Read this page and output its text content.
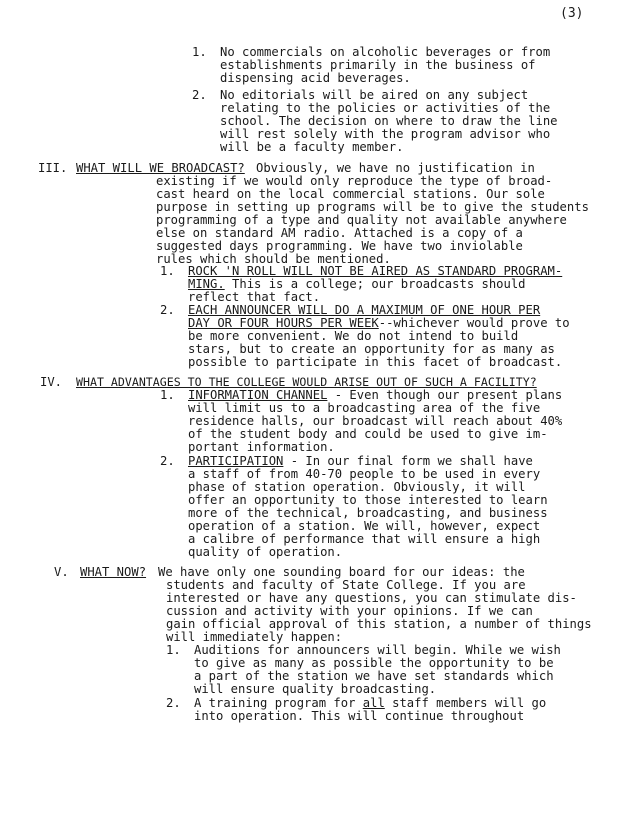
(3)
1. No commercials on alcoholic beverages or from
establishments primarily in the business of
dispensing acid beverages.
2. No editorials will be aired on any subject
relating to the policies or activities of the
school. The decision on where to draw the line
will rest solely with the program advisor who
will be a faculty member.
III. WHAT WILL WE BROADCAST? Obviously, we have no justification in
existing if we would only reproduce the type of broad-
cast heard on the local commercial stations. Our sole
purpose in setting up programs will be to give the students
programming of a type and quality not available anywhere
else on standard AM radio. Attached is a copy of a
suggested days programming. We have two inviolable
rules which should be mentioned.
1. ROCK 'N ROLL WILL NOT BE AIRED AS STANDARD PROGRAM-
MING. This is a college; our broadcasts should
reflect that fact.
2. EACH ANNOUNCER WILL DO A MAXIMUM OF ONE HOUR PER
DAY OR FOUR HOURS PER WEEK--whichever would prove to
be more convenient. We do not intend to build
stars, but to create an opportunity for as many as
possible to participate in this facet of broadcast.
IV. WHAT ADVANTAGES TO THE COLLEGE WOULD ARISE OUT OF SUCH A FACILITY?
1. INFORMATION CHANNEL - Even though our present plans
will limit us to a broadcasting area of the five
residence halls, our broadcast will reach about 40%
of the student body and could be used to give im-
portant information.
2. PARTICIPATION - In our final form we shall have
a staff of from 40-70 people to be used in every
phase of station operation. Obviously, it will
offer an opportunity to those interested to learn
more of the technical, broadcasting, and business
operation of a station. We will, however, expect
a calibre of performance that will ensure a high
quality of operation.
V. WHAT NOW? We have only one sounding board for our ideas: the
students and faculty of State College. If you are
interested or have any questions, you can stimulate dis-
cussion and activity with your opinions. If we can
gain official approval of this station, a number of things
will immediately happen:
1. Auditions for announcers will begin. While we wish
to give as many as possible the opportunity to be
a part of the station we have set standards which
will ensure quality broadcasting.
2. A training program for all staff members will go
into operation. This will continue throughout
